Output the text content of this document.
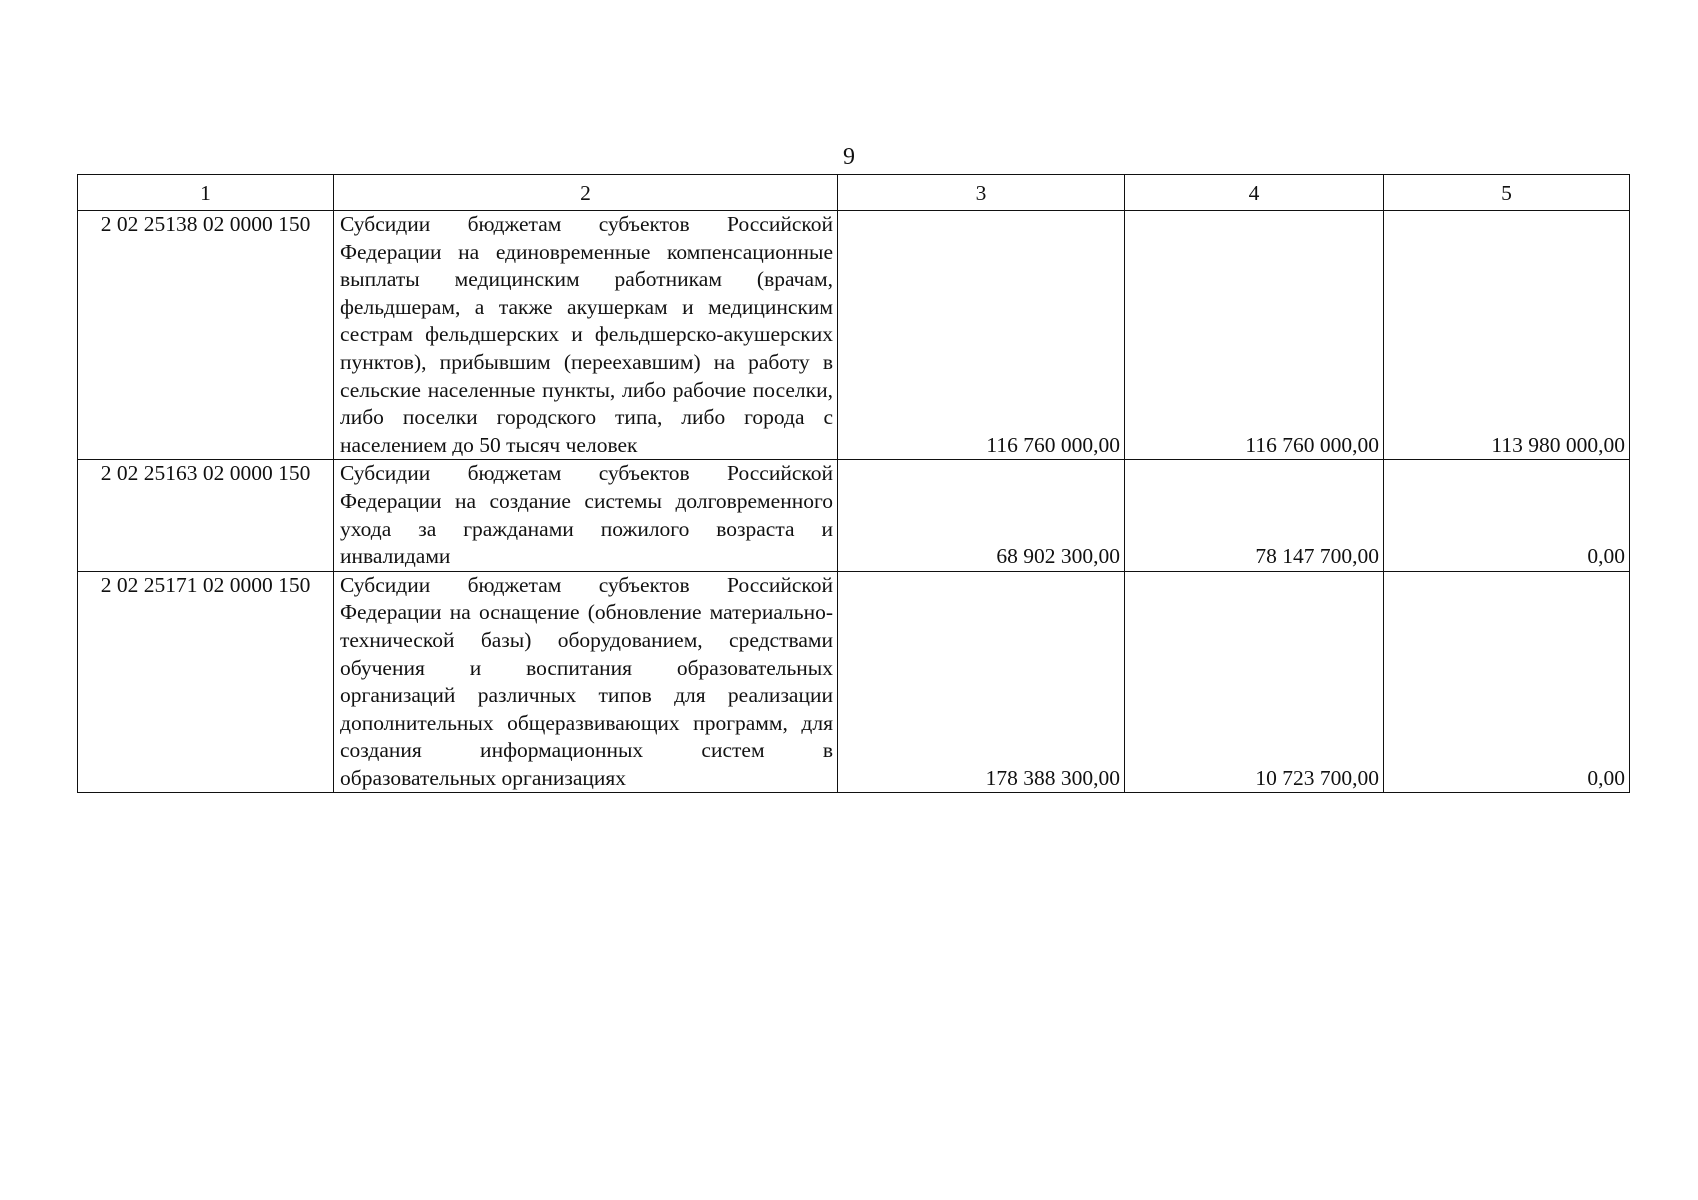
9
1	2	3	4	5
2 02 25138 02 0000 150	Субсидии бюджетам субъектов Российской Федерации на единовременные компенсационные выплаты медицинским работникам (врачам, фельдшерам, а также акушеркам и медицинским сестрам фельдшерских и фельдшерско-акушерских пунктов), прибывшим (переехавшим) на работу в сельские населенные пункты, либо рабочие поселки, либо поселки городского типа, либо города с населением до 50 тысяч человек	116 760 000,00	116 760 000,00	113 980 000,00
2 02 25163 02 0000 150	Субсидии бюджетам субъектов Российской Федерации на создание системы долговременного ухода за гражданами пожилого возраста и инвалидами	68 902 300,00	78 147 700,00	0,00
2 02 25171 02 0000 150	Субсидии бюджетам субъектов Российской Федерации на оснащение (обновление материально-технической базы) оборудованием, средствами обучения и воспитания образовательных организаций различных типов для реализации дополнительных общеразвивающих программ, для создания информационных систем в образовательных организациях	178 388 300,00	10 723 700,00	0,00
